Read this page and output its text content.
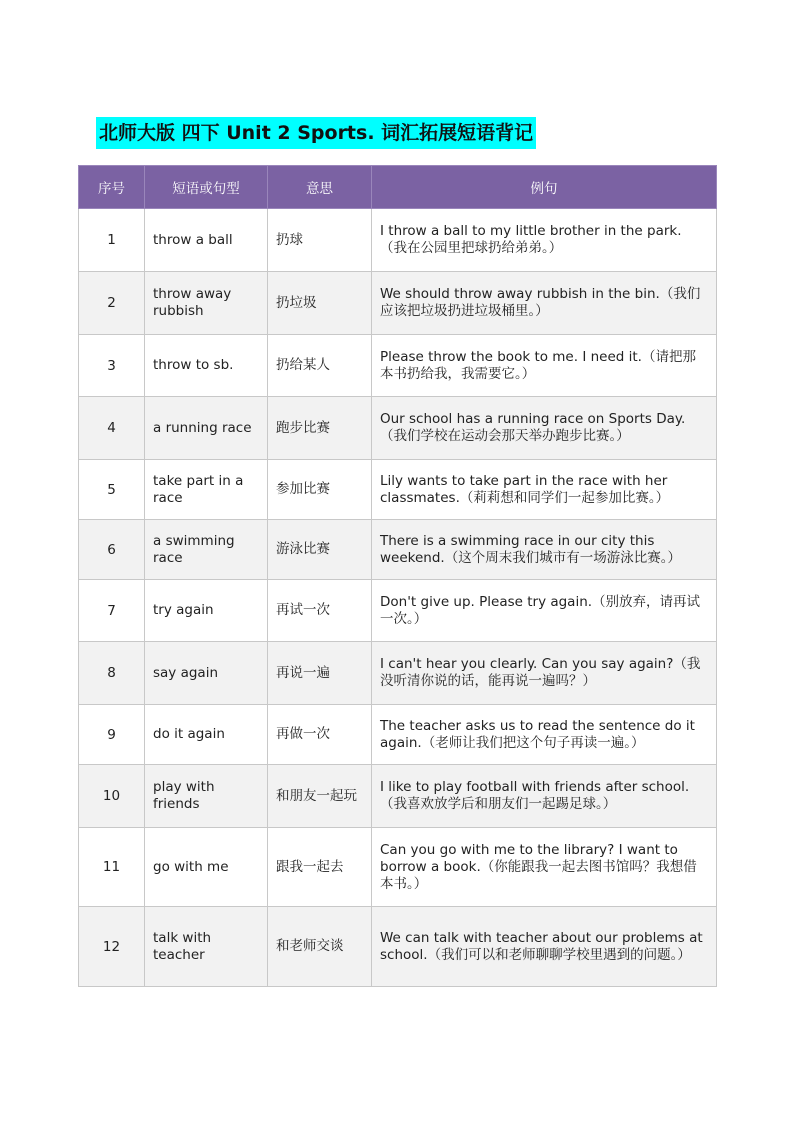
北师大版 四下 Unit 2 Sports. 词汇拓展短语背记
序号	短语或句型	意思	例句
1	throw a ball	扔球	I throw a ball to my little brother in the park.（我在公园里把球扔给弟弟。）
2	throw away rubbish	扔垃圾	We should throw away rubbish in the bin.（我们应该把垃圾扔进垃圾桶里。）
3	throw to sb.	扔给某人	Please throw the book to me. I need it.（请把那本书扔给我，我需要它。）
4	a running race	跑步比赛	Our school has a running race on Sports Day.（我们学校在运动会那天举办跑步比赛。）
5	take part in a race	参加比赛	Lily wants to take part in the race with her classmates.（莉莉想和同学们一起参加比赛。）
6	a swimming race	游泳比赛	There is a swimming race in our city this weekend.（这个周末我们城市有一场游泳比赛。）
7	try again	再试一次	Don't give up. Please try again.（别放弃，请再试一次。）
8	say again	再说一遍	I can't hear you clearly. Can you say again?（我没听清你说的话，能再说一遍吗？）
9	do it again	再做一次	The teacher asks us to read the sentence do it again.（老师让我们把这个句子再读一遍。）
10	play with friends	和朋友一起玩	I like to play football with friends after school.（我喜欢放学后和朋友们一起踢足球。）
11	go with me	跟我一起去	Can you go with me to the library? I want to borrow a book.（你能跟我一起去图书馆吗？我想借本书。）
12	talk with teacher	和老师交谈	We can talk with teacher about our problems at school.（我们可以和老师聊聊学校里遇到的问题。）
